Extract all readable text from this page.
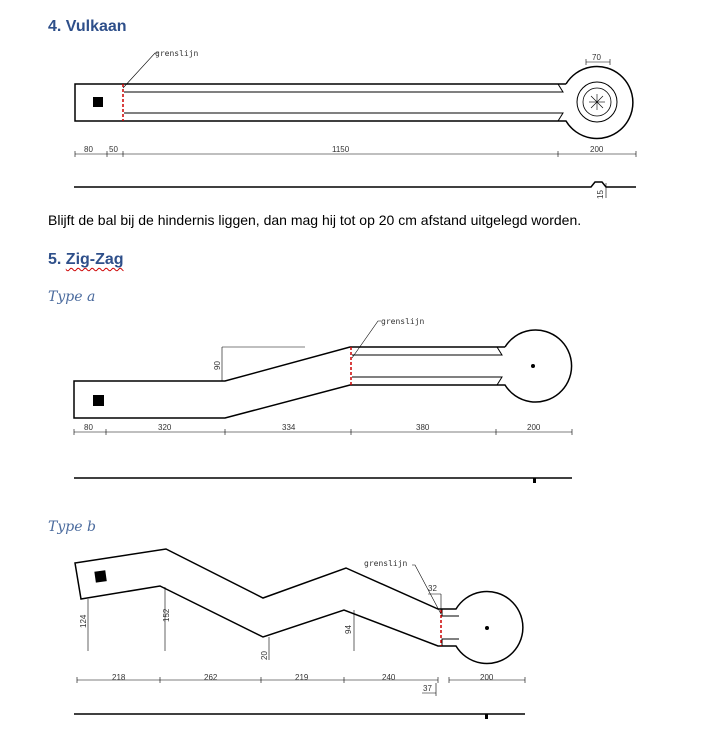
4. Vulkaan

Blijft de bal bij de hindernis liggen, dan mag hij tot op 20 cm afstand uitgelegd worden.

5. Zig-Zag

Type a

Type b

grenslijn	70
80 50	1150	200
15
grenslijn
90
80	320	334	380	200
grenslijn
32
124	152
20
94
218	262	219	240	200
37
